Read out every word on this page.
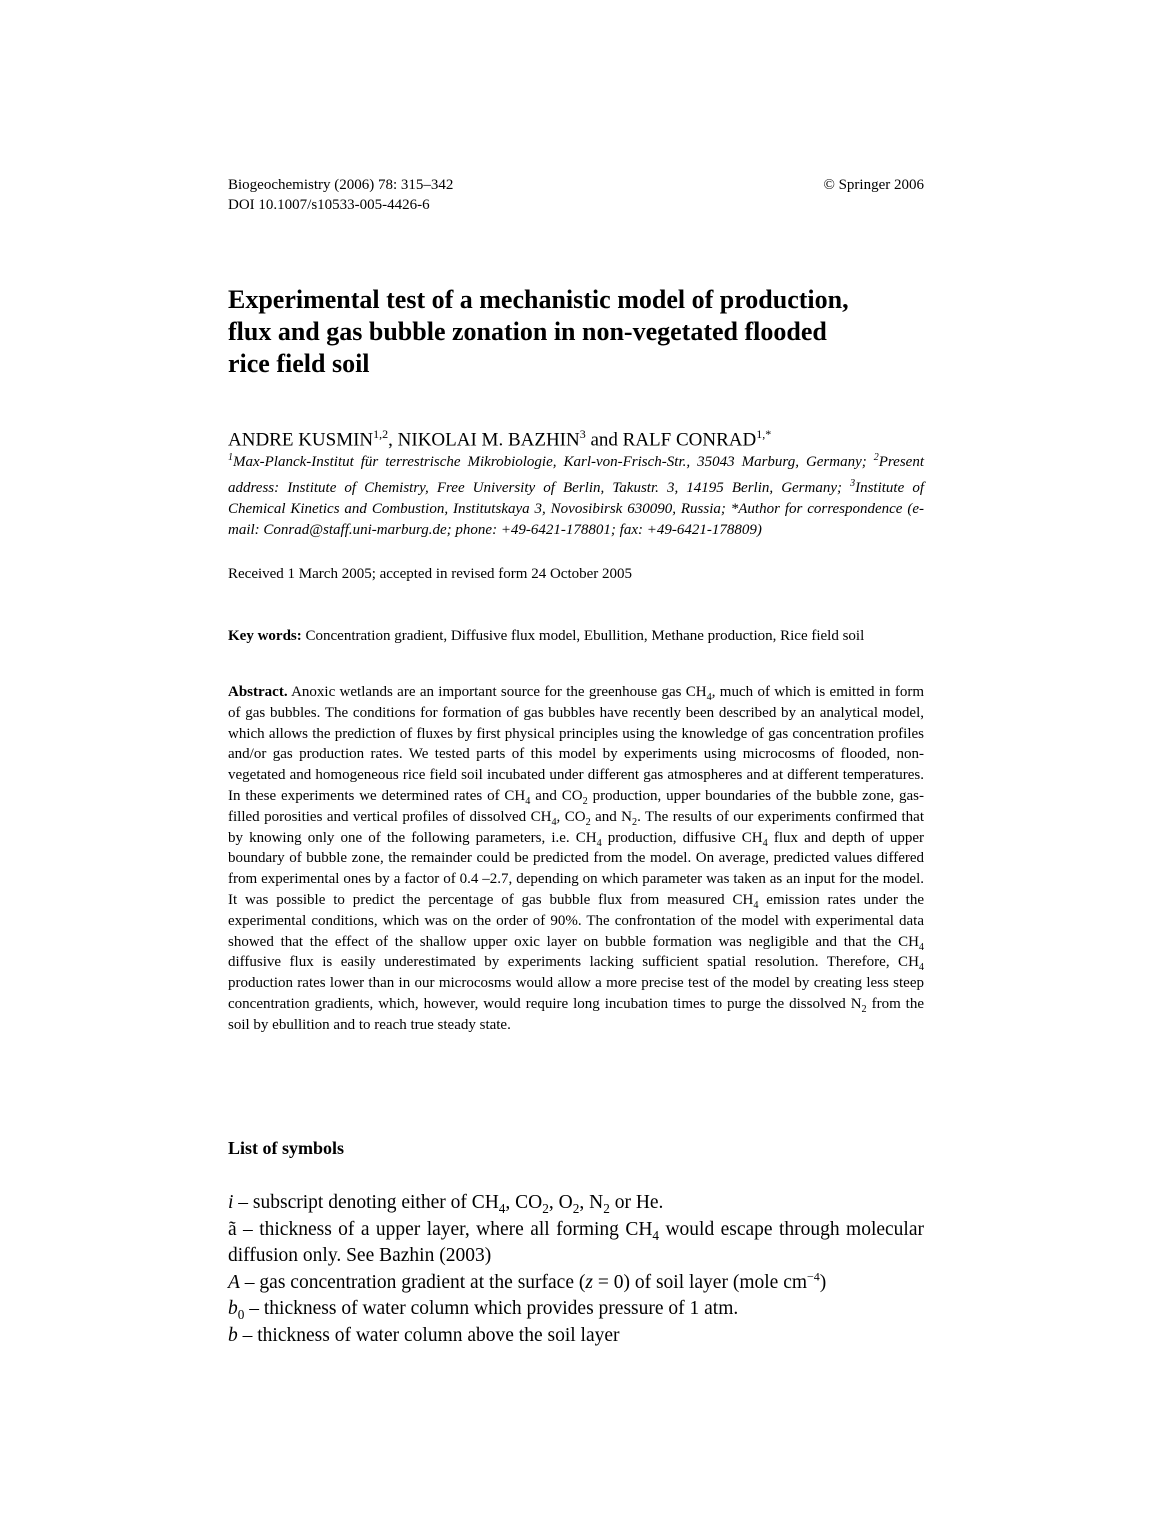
Biogeochemistry (2006) 78: 315–342
DOI 10.1007/s10533-005-4426-6
© Springer 2006
Experimental test of a mechanistic model of production, flux and gas bubble zonation in non-vegetated flooded rice field soil
ANDRE KUSMIN$^{1,2}$, NIKOLAI M. BAZHIN$^3$ and RALF $CONRAD^{1,*}$
$^1$Max-Planck-Institut für terrestrische Mikrobiologie, Karl-von-Frisch-Str., 35043 Marburg, Germany; $^2$Present address: Institute of Chemistry, Free University of Berlin, Takustr. 3, 14195 Berlin, Germany; $^3$Institute of Chemical Kinetics and Combustion, Institutskaya 3, Novosibirsk 630090, Russia; *Author for correspondence (e-mail: Conrad@staff.uni-marburg.de; phone: +49-6421-178801; fax: +49-6421-178809)
Received 1 March 2005; accepted in revised form 24 October 2005
Key words: Concentration gradient, Diffusive flux model, Ebullition, Methane production, Rice field soil

Abstract. Anoxic wetlands are an important source for the greenhouse gas $CH_4$, much of which is emitted in form of gas bubbles. The conditions for formation of gas bubbles have recently been described by an analytical model, which allows the prediction of fluxes by first physical principles using the knowledge of gas concentration profiles and/or gas production rates. We tested parts of this model by experiments using microcosms of flooded, non-vegetated and homogeneous rice field soil incubated under different gas atmospheres and at different temperatures. In these experiments we determined rates of $CH_4$ and $CO_2$ production, upper boundaries of the bubble zone, gas-filled porosities and vertical profiles of dissolved $CH_4$, $CO_2$ and $N_2$. The results of our experiments confirmed that by knowing only one of the following parameters, i.e. $CH_4$ production, diffusive $CH_4$ flux and depth of upper boundary of bubble zone, the remainder could be predicted from the model. On average, predicted values differed from experimental ones by a factor of 0.4 –2.7, depending on which parameter was taken as an input for the model. It was possible to predict the percentage of gas bubble flux from measured $CH_4$ emission rates under the experimental conditions, which was on the order of 90%. The confrontation of the model with experimental data showed that the effect of the shallow upper oxic layer on bubble formation was negligible and that the $CH_4$ diffusive flux is easily underestimated by experiments lacking sufficient spatial resolution. Therefore, $CH_4$ production rates lower than in our microcosms would allow a more precise test of the model by creating less steep concentration gradients, which, however, would require long incubation times to purge the dissolved $N_2$ from the soil by ebullition and to reach true steady state.

List of symbols

i – subscript denoting either of $CH_4$, $CO_2$, $O_2$, $N_2$ or He.

ã – thickness of a upper layer, where all forming $CH_4$ would escape through molecular diffusion only. See Bazhin (2003)

A – gas concentration gradient at the surface (z = 0) of soil layer (mole $cm^{-4}$)

$b_0$ – thickness of water column which provides pressure of 1 atm.

b – thickness of water column above the soil layer
